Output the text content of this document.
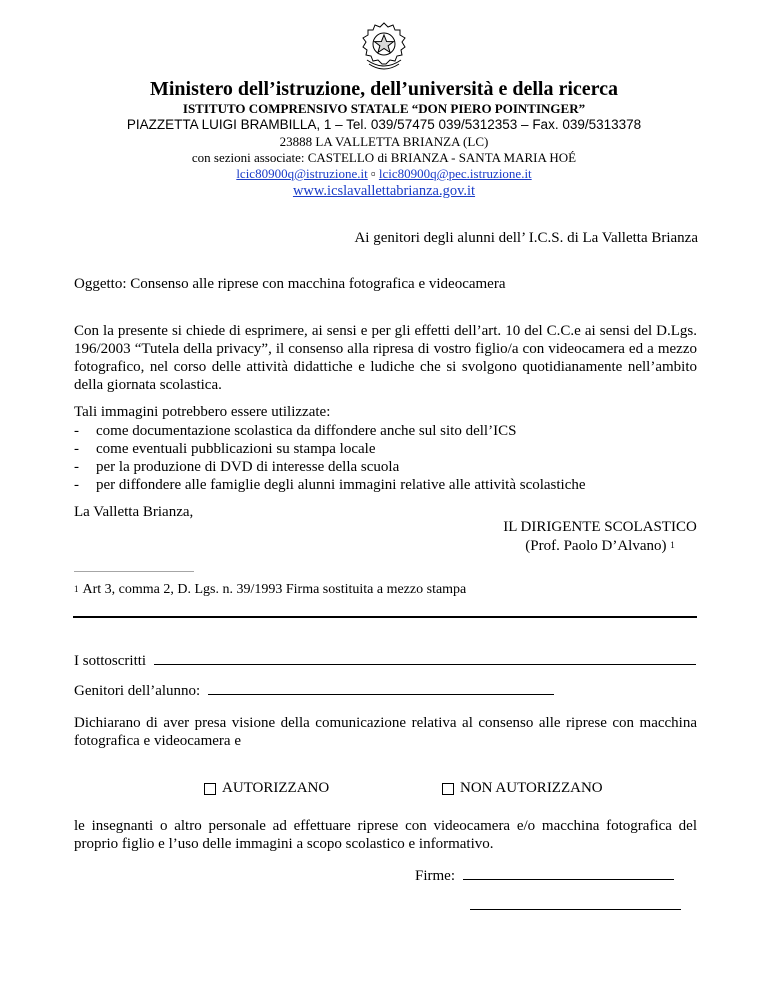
Ministero dell’istruzione, dell’università e della ricerca
ISTITUTO COMPRENSIVO STATALE “DON PIERO POINTINGER”
PIAZZETTA LUIGI BRAMBILLA, 1 – Tel. 039/57475 039/5312353 – Fax. 039/5313378
23888 LA VALLETTA BRIANZA (LC)
con sezioni associate: CASTELLO di BRIANZA - SANTA MARIA HOÉ
lcic80900q@istruzione.it ▫ lcic80900q@pec.istruzione.it
www.icslavallettabrianza.gov.it
Ai genitori degli alunni dell’ I.C.S. di La Valletta Brianza
Oggetto: Consenso alle riprese con macchina fotografica e videocamera
Con la presente si chiede di esprimere, ai sensi e per gli effetti dell’art. 10 del C.C.e ai sensi del D.Lgs. 196/2003 “Tutela della privacy”, il consenso alla ripresa di vostro figlio/a con videocamera ed a mezzo fotografico, nel corso delle attività didattiche e ludiche che si svolgono quotidianamente nell’ambito della giornata scolastica.
Tali immagini potrebbero essere utilizzate:
- come documentazione scolastica da diffondere anche sul sito dell’ICS
- come eventuali pubblicazioni su stampa locale
- per la produzione di DVD di interesse della scuola
- per diffondere alle famiglie degli alunni immagini relative alle attività scolastiche
La Valletta Brianza,
IL DIRIGENTE SCOLASTICO
(Prof. Paolo D’Alvano) 1
1 Art 3, comma 2, D. Lgs. n. 39/1993 Firma sostituita a mezzo stampa
I sottoscritti
Genitori dell’alunno:
Dichiarano di aver presa visione della comunicazione relativa al consenso alle riprese con macchina fotografica e videocamera e
AUTORIZZANO	NON AUTORIZZANO
le insegnanti o altro personale ad effettuare riprese con videocamera e/o macchina fotografica del proprio figlio e l’uso delle immagini a scopo scolastico e informativo.
Firme:
